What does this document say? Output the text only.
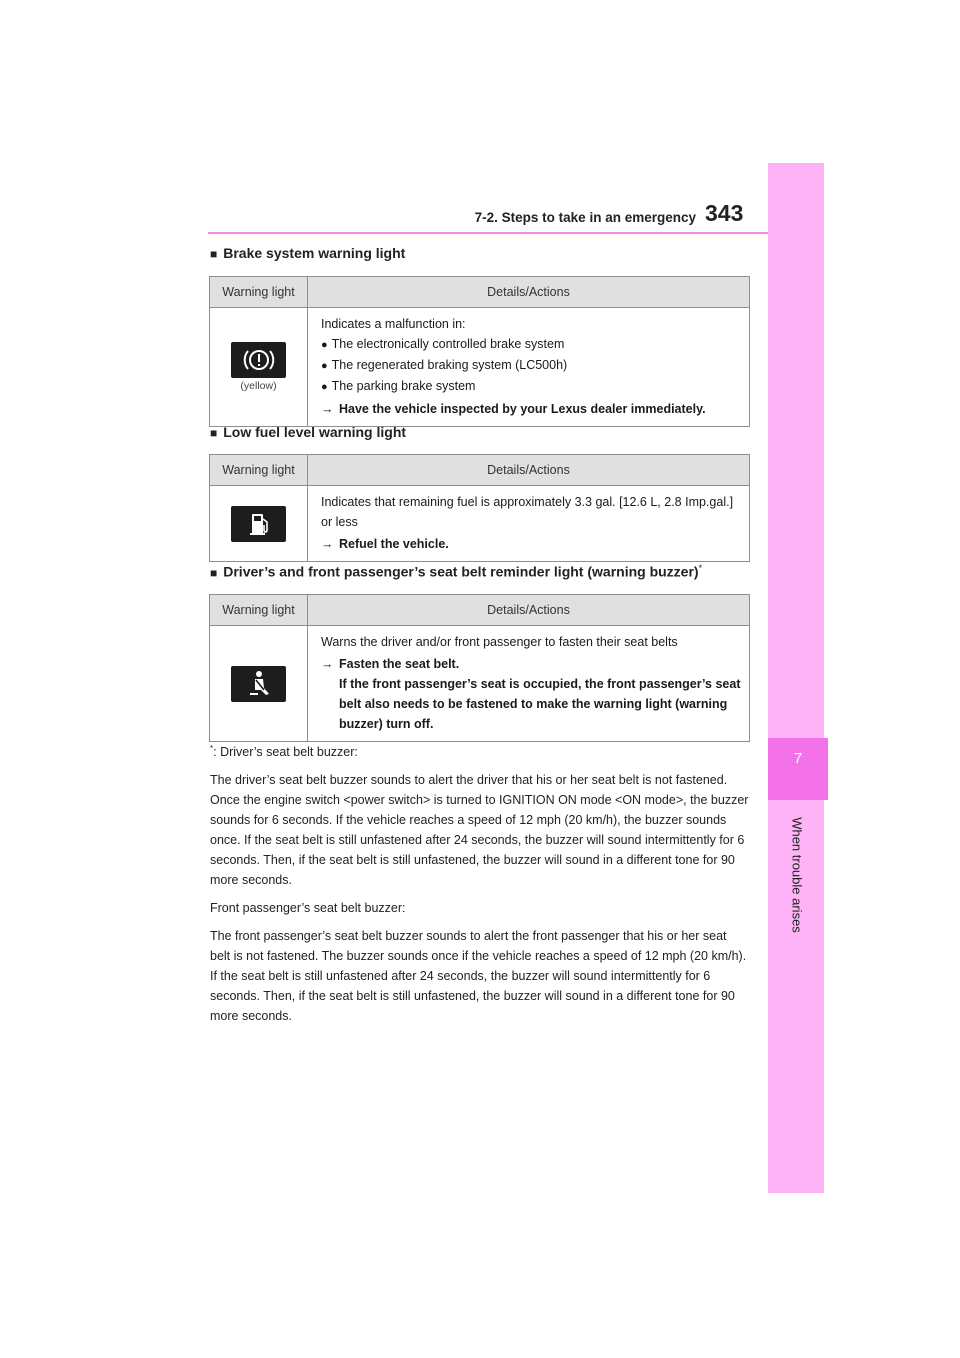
7
When trouble arises
7-2. Steps to take in an emergency 343
■ Brake system warning light
Warning light	Details/Actions

(yellow)	Indicates a malfunction in:
● The electronically controlled brake system
● The regenerated braking system (LC500h)
● The parking brake system
→ Have the vehicle inspected by your Lexus dealer immediately.
■ Low fuel level warning light
Warning light	Details/Actions

Indicates that remaining fuel is approximately 3.3 gal. [12.6 L, 2.8 Imp.gal.] or less
→ Refuel the vehicle.
■ Driver’s and front passenger’s seat belt reminder light (warning buzzer)*
Warning light	Details/Actions

Warns the driver and/or front passenger to fasten their seat belts
→ Fasten the seat belt.
If the front passenger’s seat is occupied, the front passenger’s seat belt also needs to be fastened to make the warning light (warning buzzer) turn off.

*: Driver’s seat belt buzzer:

The driver’s seat belt buzzer sounds to alert the driver that his or her seat belt is not fastened. Once the engine switch <power switch> is turned to IGNITION ON mode <ON mode>, the buzzer sounds for 6 seconds. If the vehicle reaches a speed of 12 mph (20 km/h), the buzzer sounds once. If the seat belt is still unfastened after 24 seconds, the buzzer will sound intermittently for 6 seconds. Then, if the seat belt is still unfastened, the buzzer will sound in a different tone for 90 more seconds.

Front passenger’s seat belt buzzer:

The front passenger’s seat belt buzzer sounds to alert the front passenger that his or her seat belt is not fastened. The buzzer sounds once if the vehicle reaches a speed of 12 mph (20 km/h). If the seat belt is still unfastened after 24 seconds, the buzzer will sound intermittently for 6 seconds. Then, if the seat belt is still unfastened, the buzzer will sound in a different tone for 90 more seconds.
